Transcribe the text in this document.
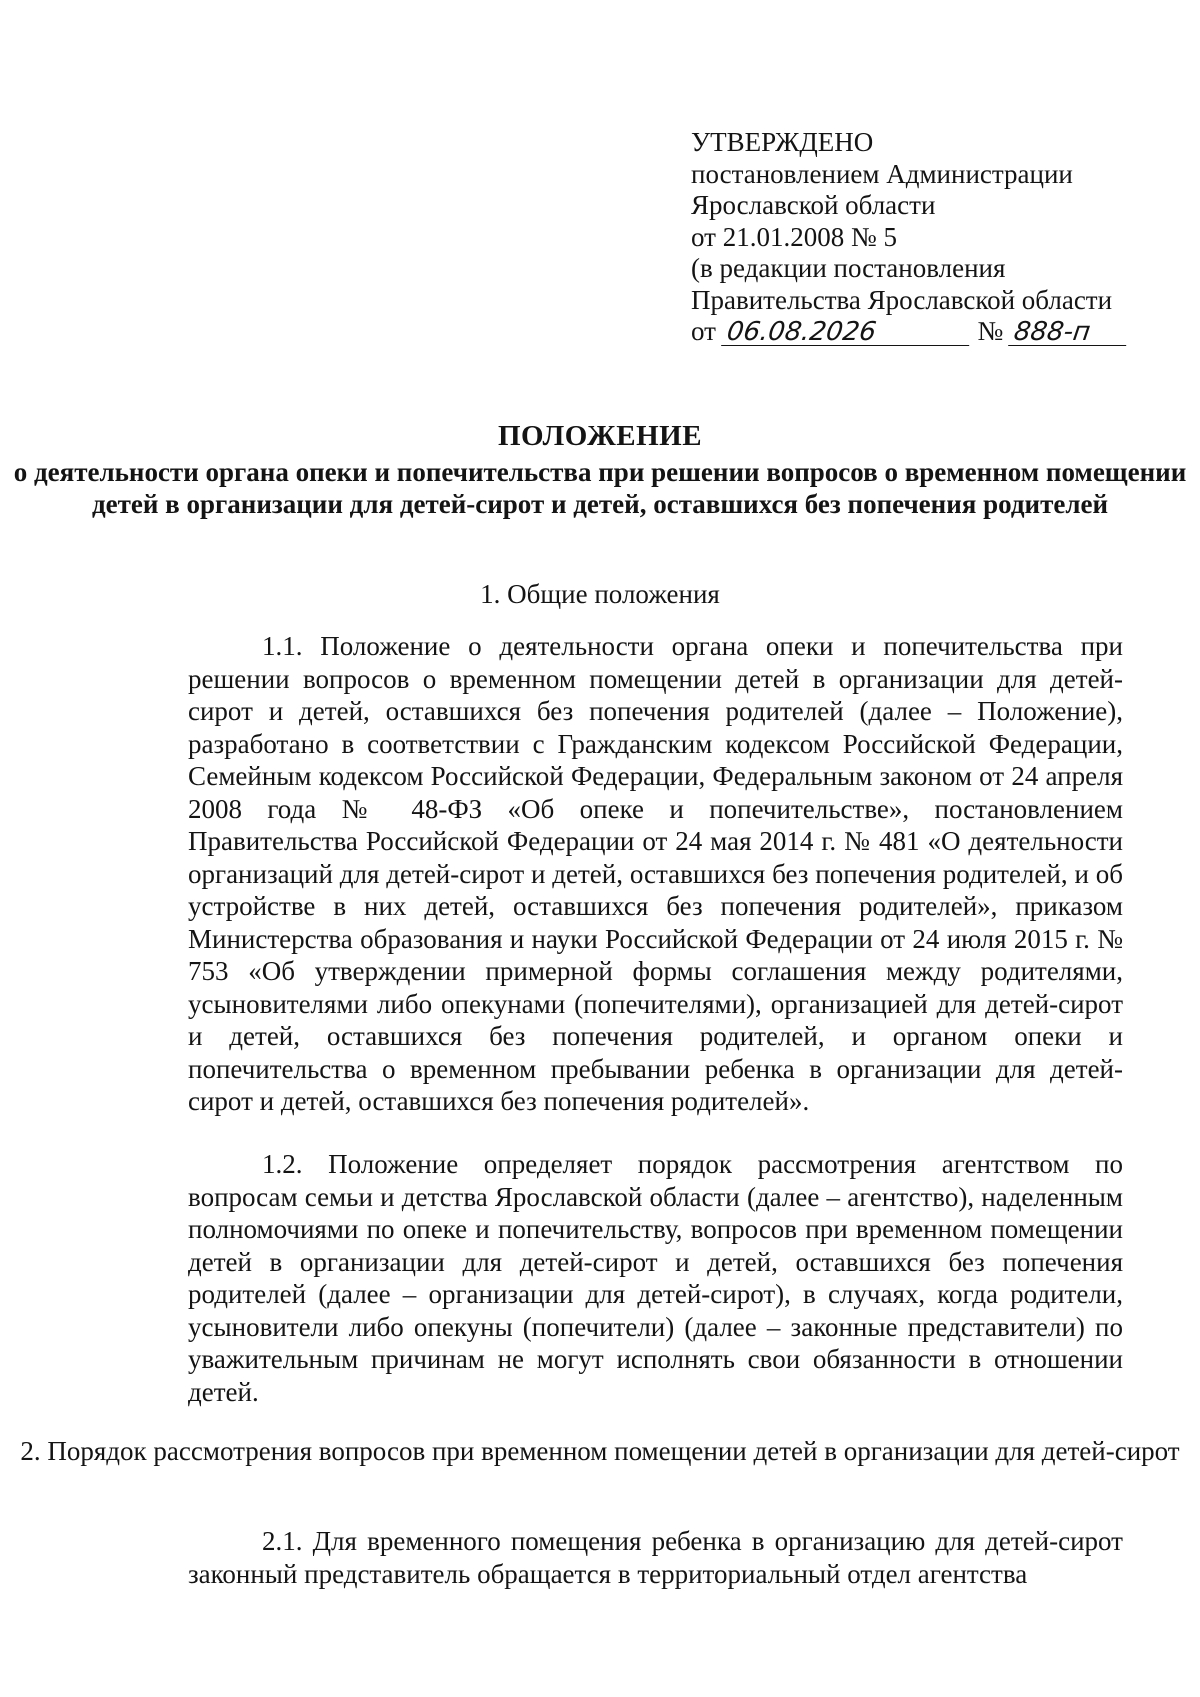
УТВЕРЖДЕНО
постановлением Администрации
Ярославской области
от 21.01.2008 № 5
(в редакции постановления
Правительства Ярославской области
от 06.08.2026	№ 888-п
ПОЛОЖЕНИЕ
о деятельности органа опеки и попечительства при решении вопросов о временном помещении детей в организации для детей-сирот и детей, оставшихся без попечения родителей
1. Общие положения

1.1. Положение о деятельности органа опеки и попечительства при решении вопросов о временном помещении детей в организации для детей-сирот и детей, оставшихся без попечения родителей (далее – Положение), разработано в соответствии с Гражданским кодексом Российской Федерации, Семейным кодексом Российской Федерации, Федеральным законом от 24 апреля 2008 года № 48-ФЗ «Об опеке и попечительстве», постановлением Правительства Российской Федерации от 24 мая 2014 г. № 481 «О деятельности организаций для детей-сирот и детей, оставшихся без попечения родителей, и об устройстве в них детей, оставшихся без попечения родителей», приказом Министерства образования и науки Российской Федерации от 24 июля 2015 г. № 753 «Об утверждении примерной формы соглашения между родителями, усыновителями либо опекунами (попечителями), организацией для детей-сирот и детей, оставшихся без попечения родителей, и органом опеки и попечительства о временном пребывании ребенка в организации для детей-сирот и детей, оставшихся без попечения родителей».

1.2. Положение определяет порядок рассмотрения агентством по вопросам семьи и детства Ярославской области (далее – агентство), наделенным полномочиями по опеке и попечительству, вопросов при временном помещении детей в организации для детей-сирот и детей, оставшихся без попечения родителей (далее – организации для детей-сирот), в случаях, когда родители, усыновители либо опекуны (попечители) (далее – законные представители) по уважительным причинам не могут исполнять свои обязанности в отношении детей.

2. Порядок рассмотрения вопросов при временном помещении детей в организации для детей-сирот

2.1. Для временного помещения ребенка в организацию для детей-сирот законный представитель обращается в территориальный отдел агентства
